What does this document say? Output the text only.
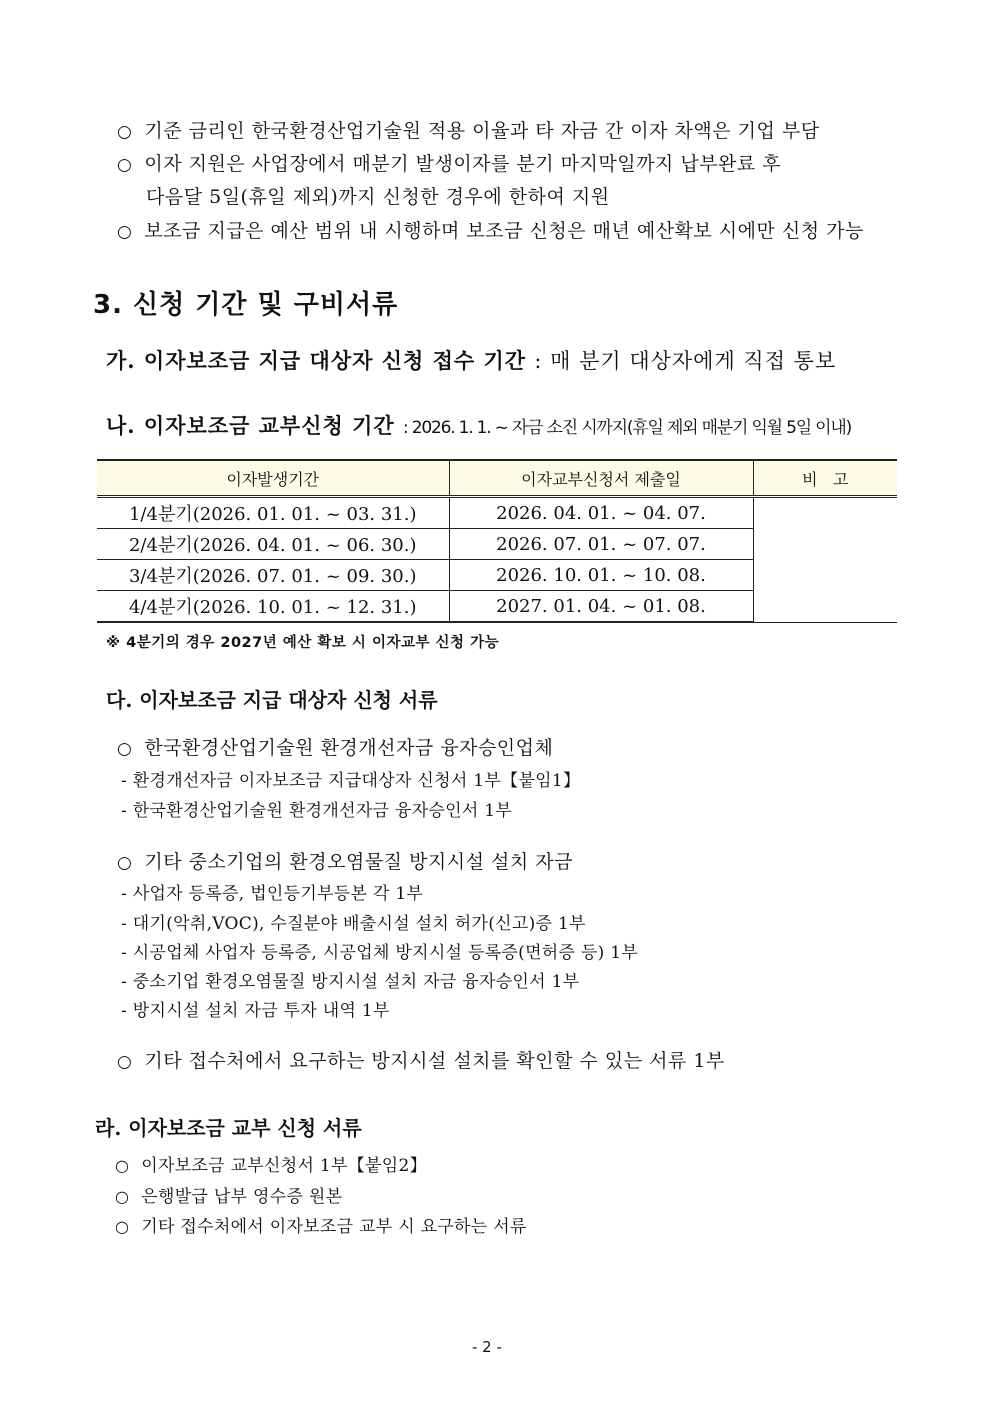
○ 기준 금리인 한국환경산업기술원 적용 이율과 타 자금 간 이자 차액은 기업 부담
○ 이자 지원은 사업장에서 매분기 발생이자를 분기 마지막일까지 납부완료 후
다음달 5일(휴일 제외)까지 신청한 경우에 한하여 지원
○ 보조금 지급은 예산 범위 내 시행하며 보조금 신청은 매년 예산확보 시에만 신청 가능
3. 신청 기간 및 구비서류
가. 이자보조금 지급 대상자 신청 접수 기간 : 매 분기 대상자에게 직접 통보
나. 이자보조금 교부신청 기간 : 2026. 1. 1. ~ 자금 소진 시까지(휴일 제외 매분기 익월 5일 이내)
이자발생기간	이자교부신청서 제출일	비   고
1/4분기(2026. 01. 01. ~ 03. 31.)	2026. 04. 01. ~ 04. 07.	
2/4분기(2026. 04. 01. ~ 06. 30.)	2026. 07. 01. ~ 07. 07.	
3/4분기(2026. 07. 01. ~ 09. 30.)	2026. 10. 01. ~ 10. 08.	
4/4분기(2026. 10. 01. ~ 12. 31.)	2027. 01. 04. ~ 01. 08.	
※ 4분기의 경우 2027년 예산 확보 시 이자교부 신청 가능
다. 이자보조금 지급 대상자 신청 서류
○ 한국환경산업기술원 환경개선자금 융자승인업체
- 환경개선자금 이자보조금 지급대상자 신청서 1부【붙임1】
- 한국환경산업기술원 환경개선자금 융자승인서 1부
○ 기타 중소기업의 환경오염물질 방지시설 설치 자금
- 사업자 등록증, 법인등기부등본 각 1부
- 대기(악취,VOC), 수질분야 배출시설 설치 허가(신고)증 1부
- 시공업체 사업자 등록증, 시공업체 방지시설 등록증(면허증 등) 1부
- 중소기업 환경오염물질 방지시설 설치 자금 융자승인서 1부
- 방지시설 설치 자금 투자 내역 1부
○ 기타 접수처에서 요구하는 방지시설 설치를 확인할 수 있는 서류 1부
라. 이자보조금 교부 신청 서류
○ 이자보조금 교부신청서 1부【붙임2】
○ 은행발급 납부 영수증 원본
○ 기타 접수처에서 이자보조금 교부 시 요구하는 서류
- 2 -
